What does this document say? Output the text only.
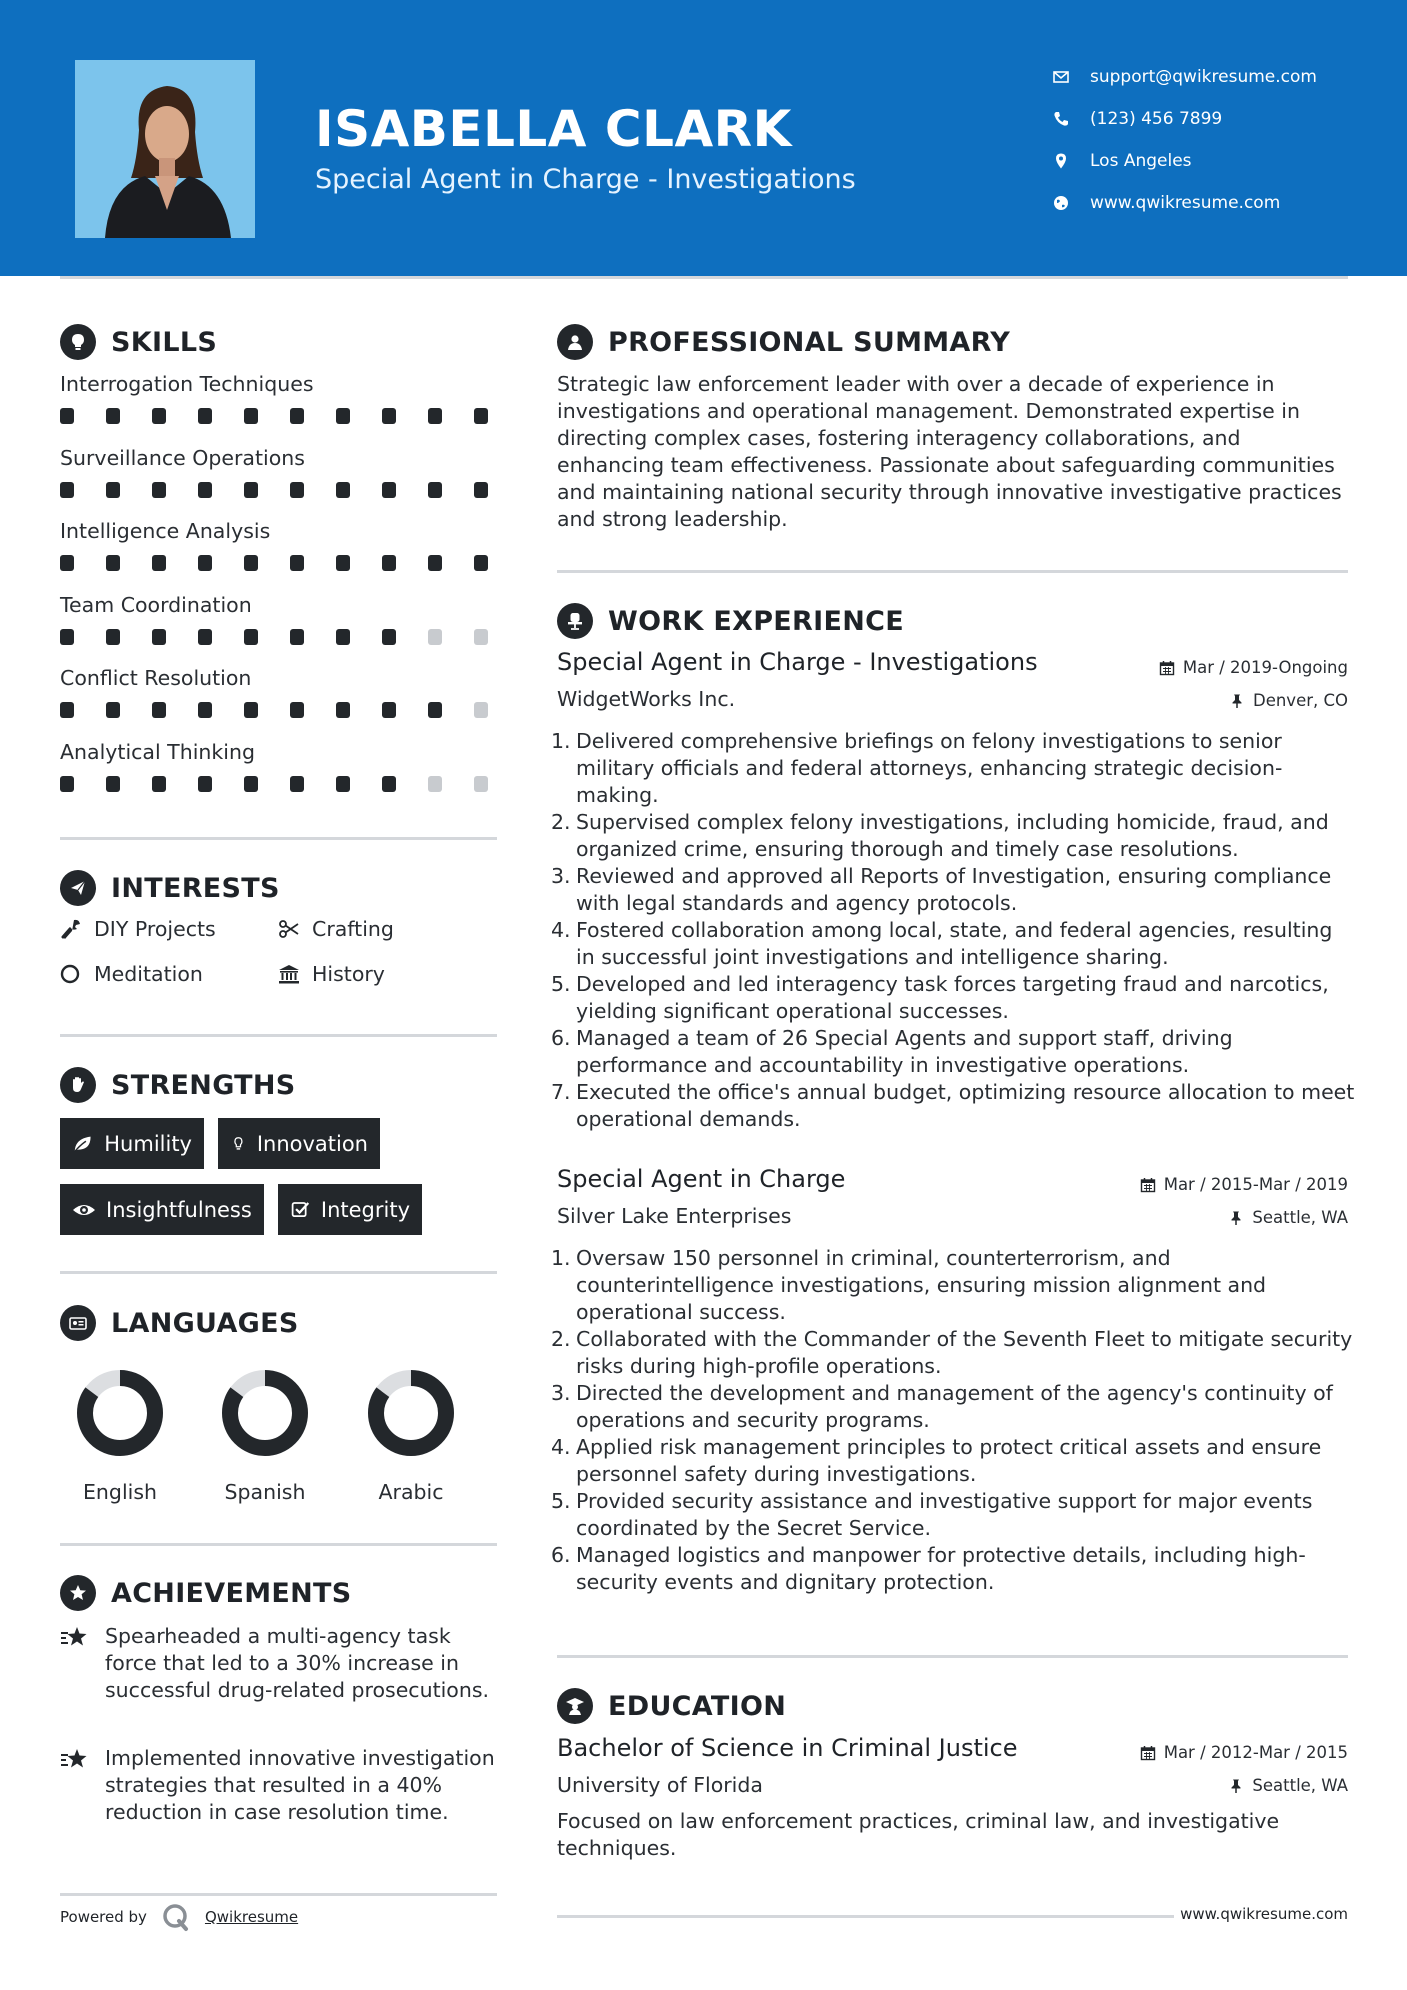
ISABELLA CLARK
Special Agent in Charge - Investigations
support@qwikresume.com
(123) 456 7899
Los Angeles
www.qwikresume.com
SKILLS
Interrogation Techniques
Surveillance Operations
Intelligence Analysis
Team Coordination
Conflict Resolution
Analytical Thinking
INTERESTS
DIY Projects	Crafting
Meditation	History
STRENGTHS
Humility	Innovation
Insightfulness	Integrity
LANGUAGES
English	Spanish	Arabic
ACHIEVEMENTS
Spearheaded a multi-agency task force that led to a 30% increase in successful drug-related prosecutions.
Implemented innovative investigation strategies that resulted in a 40% reduction in case resolution time.
Powered by	Qwikresume
PROFESSIONAL SUMMARY
Strategic law enforcement leader with over a decade of experience in investigations and operational management. Demonstrated expertise in directing complex cases, fostering interagency collaborations, and enhancing team effectiveness. Passionate about safeguarding communities and maintaining national security through innovative investigative practices and strong leadership.
WORK EXPERIENCE
Special Agent in Charge - Investigations	Mar / 2019-Ongoing
WidgetWorks Inc.	Denver, CO
1. Delivered comprehensive briefings on felony investigations to senior military officials and federal attorneys, enhancing strategic decision-making.
2. Supervised complex felony investigations, including homicide, fraud, and organized crime, ensuring thorough and timely case resolutions.
3. Reviewed and approved all Reports of Investigation, ensuring compliance with legal standards and agency protocols.
4. Fostered collaboration among local, state, and federal agencies, resulting in successful joint investigations and intelligence sharing.
5. Developed and led interagency task forces targeting fraud and narcotics, yielding significant operational successes.
6. Managed a team of 26 Special Agents and support staff, driving performance and accountability in investigative operations.
7. Executed the office's annual budget, optimizing resource allocation to meet operational demands.
Special Agent in Charge	Mar / 2015-Mar / 2019
Silver Lake Enterprises	Seattle, WA
1. Oversaw 150 personnel in criminal, counterterrorism, and counterintelligence investigations, ensuring mission alignment and operational success.
2. Collaborated with the Commander of the Seventh Fleet to mitigate security risks during high-profile operations.
3. Directed the development and management of the agency's continuity of operations and security programs.
4. Applied risk management principles to protect critical assets and ensure personnel safety during investigations.
5. Provided security assistance and investigative support for major events coordinated by the Secret Service.
6. Managed logistics and manpower for protective details, including high-security events and dignitary protection.
EDUCATION
Bachelor of Science in Criminal Justice	Mar / 2012-Mar / 2015
University of Florida	Seattle, WA
Focused on law enforcement practices, criminal law, and investigative techniques.
www.qwikresume.com
